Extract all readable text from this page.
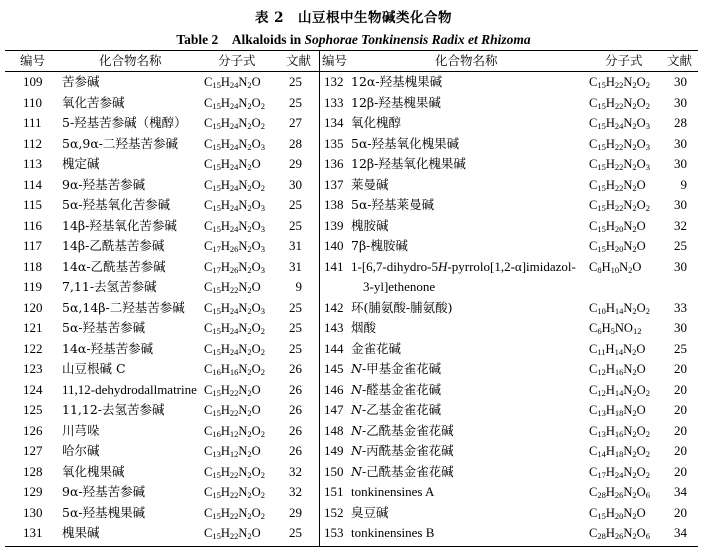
表 2　山豆根中生物碱类化合物
Table 2　Alkaloids in Sophorae Tonkinensis Radix et Rhizoma
编号	化合物名称	分子式 文献 编号	化合物名称	分子式 文献
109 苦参碱	$C_{15}H_{24}N_2O$ 25
110 氧化苦参碱	$C_{15}H_{24}N_2O_2$ 25
111 5-羟基苦参碱（槐醇） $C_{15}H_{24}N_2O_2$ 27
112 5α,9α-二羟基苦参碱 $C_{15}H_{24}N_2O_3$ 28
113 槐定碱	$C_{15}H_{24}N_2O$ 29
114 9α-羟基苦参碱	$C_{15}H_{24}N_2O_2$ 30
115 5α-羟基氧化苦参碱	$C_{15}H_{24}N_2O_3$ 25
116 14β-羟基氧化苦参碱 $C_{15}H_{24}N_2O_3$ 25
117 14β-乙酰基苦参碱	$C_{17}H_{26}N_2O_3$ 31
118 14α-乙酰基苦参碱	$C_{17}H_{26}N_2O_3$ 31
119 7,11-去氢苦参碱	$C_{15}H_{22}N_2O$	9
120 5α,14β-二羟基苦参碱 $C_{15}H_{24}N_2O_3$ 25
121 5α-羟基苦参碱	$C_{15}H_{24}N_2O_2$ 25
122 14α-羟基苦参碱	$C_{15}H_{24}N_2O_2$ 25
123 山豆根碱 C	$C_{16}H_{16}N_2O_2$ 26
124 11,12-dehydrodallmatrine $C_{15}H_{22}N_2O$ 26
125 11,12-去氢苦参碱	$C_{15}H_{22}N_2O$ 26
126 川芎哚	$C_{16}H_{12}N_2O_2$ 26
127 哈尔碱	$C_{13}H_{12}N_2O$ 26
128 氧化槐果碱	$C_{15}H_{22}N_2O_2$ 32
129 9α-羟基苦参碱	$C_{15}H_{22}N_2O_2$ 32
130 5α-羟基槐果碱	$C_{15}H_{22}N_2O_2$ 29
131 槐果碱	$C_{15}H_{22}N_2O$ 25
132 12α-羟基槐果碱	$C_{15}H_{22}N_2O_2$ 30
133 12β-羟基槐果碱	$C_{15}H_{22}N_2O_2$ 30
134 氧化槐醇	$C_{15}H_{24}N_2O_3$ 28
135 5α-羟基氧化槐果碱	$C_{15}H_{22}N_2O_3$ 30
136 12β-羟基氧化槐果碱	$C_{15}H_{22}N_2O_3$ 30
137 莱曼碱	$C_{15}H_{22}N_2O$	9
138 5α-羟基莱曼碱	$C_{15}H_{22}N_2O_2$ 30
139 槐胺碱	$C_{15}H_{20}N_2O$ 32
140 7β-槐胺碱	$C_{15}H_{20}N_2O$ 25
141 1-[6,7-dihydro-5H-pyrrolo[1,2-α]imidazol- $C_8H_{10}N_2O$	30
3-yl]ethenone
142 环(脯氨酸-脯氨酸)	$C_{10}H_{14}N_2O_2$ 33
143 烟酸	$C_6H_5NO_{12}$	30
144 金雀花碱	$C_{11}H_{14}N_2O$ 25
145 N-甲基金雀花碱	$C_{12}H_{16}N_2O$ 20
146 N-醛基金雀花碱	$C_{12}H_{14}N_2O_2$ 20
147 N-乙基金雀花碱	$C_{13}H_{18}N_2O$ 20
148 N-乙酰基金雀花碱	$C_{13}H_{16}N_2O_2$ 20
149 N-丙酰基金雀花碱	$C_{14}H_{18}N_2O_2$ 20
150 N-己酰基金雀花碱	$C_{17}H_{24}N_2O_2$ 20
151 tonkinensines A	$C_{28}H_{26}N_2O_6$ 34
152 臭豆碱	$C_{15}H_{20}N_2O$ 20
153 tonkinensines B	$C_{28}H_{26}N_2O_6$ 34
